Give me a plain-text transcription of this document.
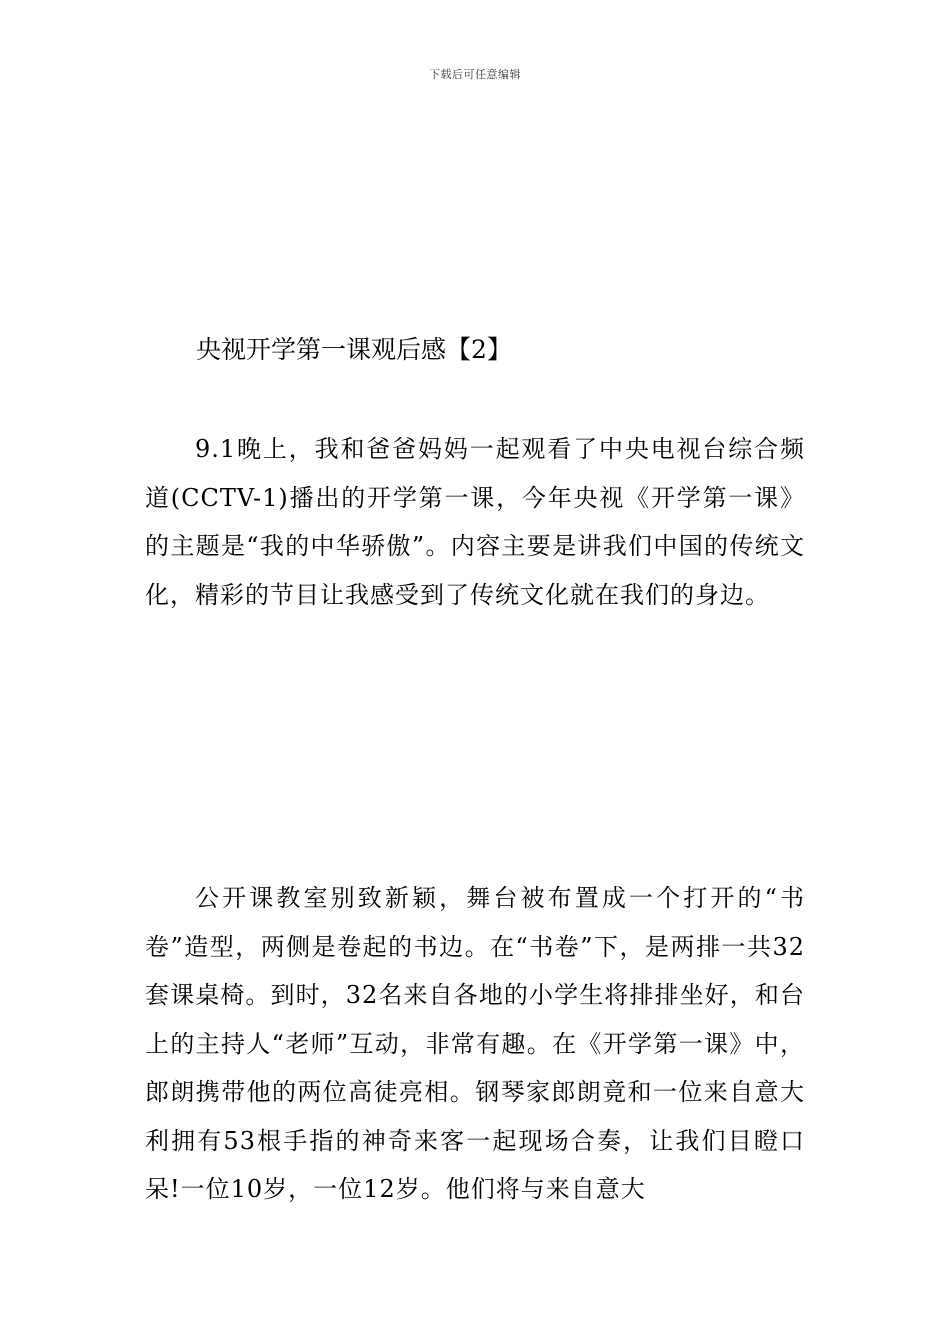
下载后可任意编辑
央视开学第一课观后感【2】

9.1晚上，我和爸爸妈妈一起观看了中央电视台综合频道(CCTV-1)播出的开学第一课，今年央视《开学第一课》的主题是“我的中华骄傲”。内容主要是讲我们中国的传统文化，精彩的节目让我感受到了传统文化就在我们的身边。

公开课教室别致新颖，舞台被布置成一个打开的“书卷”造型，两侧是卷起的书边。在“书卷”下，是两排一共32套课桌椅。到时，32名来自各地的小学生将排排坐好，和台上的主持人“老师”互动，非常有趣。在《开学第一课》中，郎朗携带他的两位高徒亮相。钢琴家郎朗竟和一位来自意大利拥有53根手指的神奇来客一起现场合奏，让我们目瞪口呆!一位10岁，一位12岁。他们将与来自意大
